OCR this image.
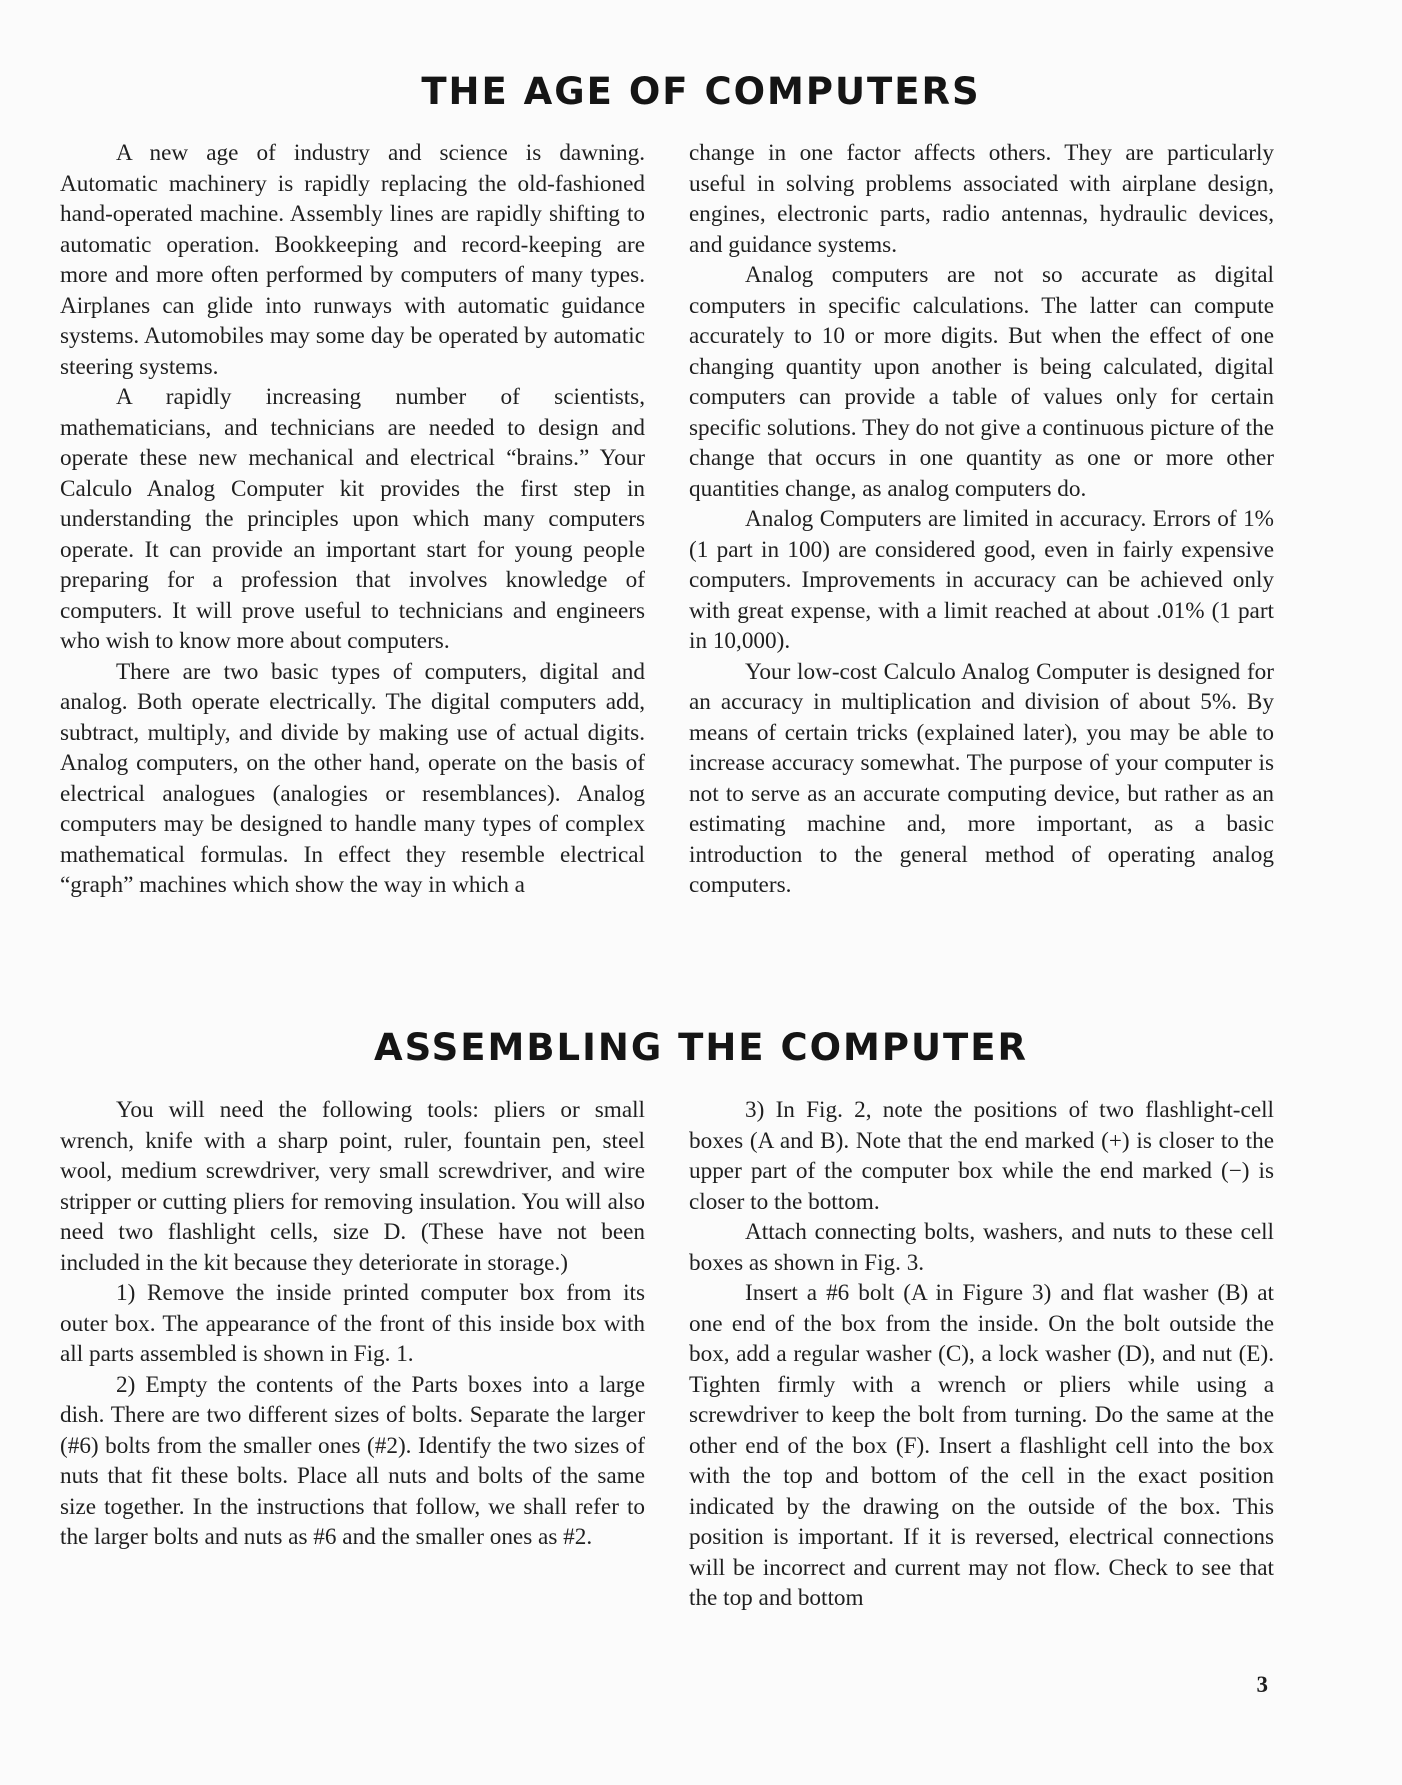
THE AGE OF COMPUTERS

A new age of industry and science is dawning. Automatic machinery is rapidly replacing the old-fashioned hand-operated machine. Assembly lines are rapidly shifting to automatic operation. Bookkeeping and record-keeping are more and more often performed by computers of many types. Airplanes can glide into runways with automatic guidance systems. Automobiles may some day be operated by automatic steering systems.

A rapidly increasing number of scientists, mathematicians, and technicians are needed to design and operate these new mechanical and electrical “brains.” Your Calculo Analog Computer kit provides the first step in understanding the principles upon which many computers operate. It can provide an important start for young people preparing for a profession that involves knowledge of computers. It will prove useful to technicians and engineers who wish to know more about computers.

There are two basic types of computers, digital and analog. Both operate electrically. The digital computers add, subtract, multiply, and divide by making use of actual digits. Analog computers, on the other hand, operate on the basis of electrical analogues (analogies or resemblances). Analog computers may be designed to handle many types of complex mathematical formulas. In effect they resemble electrical “graph” machines which show the way in which a

change in one factor affects others. They are particularly useful in solving problems associated with airplane design, engines, electronic parts, radio antennas, hydraulic devices, and guidance systems.

Analog computers are not so accurate as digital computers in specific calculations. The latter can compute accurately to 10 or more digits. But when the effect of one changing quantity upon another is being calculated, digital computers can provide a table of values only for certain specific solutions. They do not give a continuous picture of the change that occurs in one quantity as one or more other quantities change, as analog computers do.

Analog Computers are limited in accuracy. Errors of 1% (1 part in 100) are considered good, even in fairly expensive computers. Improvements in accuracy can be achieved only with great expense, with a limit reached at about .01% (1 part in 10,000).

Your low-cost Calculo Analog Computer is designed for an accuracy in multiplication and division of about 5%. By means of certain tricks (explained later), you may be able to increase accuracy somewhat. The purpose of your computer is not to serve as an accurate computing device, but rather as an estimating machine and, more important, as a basic introduction to the general method of operating analog computers.

ASSEMBLING THE COMPUTER

You will need the following tools: pliers or small wrench, knife with a sharp point, ruler, fountain pen, steel wool, medium screwdriver, very small screwdriver, and wire stripper or cutting pliers for removing insulation. You will also need two flashlight cells, size D. (These have not been included in the kit because they deteriorate in storage.)

1) Remove the inside printed computer box from its outer box. The appearance of the front of this inside box with all parts assembled is shown in Fig. 1.

2) Empty the contents of the Parts boxes into a large dish. There are two different sizes of bolts. Separate the larger (#6) bolts from the smaller ones (#2). Identify the two sizes of nuts that fit these bolts. Place all nuts and bolts of the same size together. In the instructions that follow, we shall refer to the larger bolts and nuts as #6 and the smaller ones as #2.

3) In Fig. 2, note the positions of two flashlight-cell boxes (A and B). Note that the end marked (+) is closer to the upper part of the computer box while the end marked (−) is closer to the bottom.

Attach connecting bolts, washers, and nuts to these cell boxes as shown in Fig. 3.

Insert a #6 bolt (A in Figure 3) and flat washer (B) at one end of the box from the inside. On the bolt outside the box, add a regular washer (C), a lock washer (D), and nut (E). Tighten firmly with a wrench or pliers while using a screwdriver to keep the bolt from turning. Do the same at the other end of the box (F). Insert a flashlight cell into the box with the top and bottom of the cell in the exact position indicated by the drawing on the outside of the box. This position is important. If it is reversed, electrical connections will be incorrect and current may not flow. Check to see that the top and bottom

3
